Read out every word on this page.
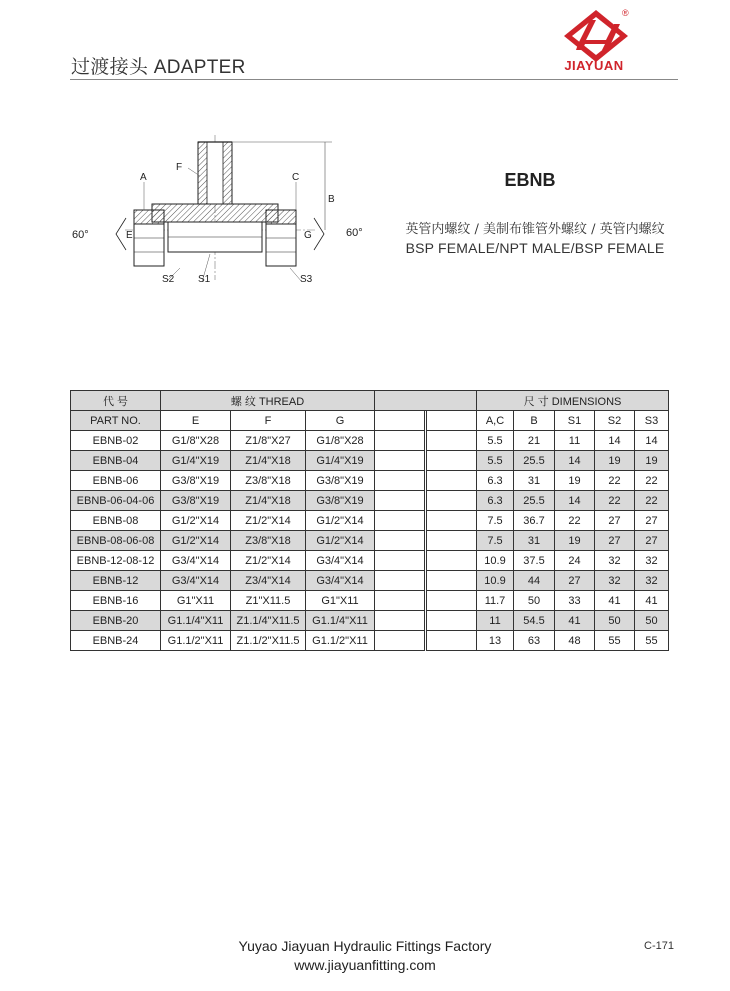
过渡接头 ADAPTER
®
JIAYUAN
F
A	C
B
E	G
60°	60°
S2 S1	S3
EBNB
英管内螺纹 / 美制布锥管外螺纹 / 英管内螺纹
BSP FEMALE/NPT MALE/BSP FEMALE
代 号	螺 纹 THREAD						尺 寸 DIMENSIONS				
PART NO.	E	F	G				A,C	B	S1	S2	S3
EBNB-02	G1/8"X28	Z1/8"X27	G1/8"X28				5.5	21	11	14	14
EBNB-04	G1/4"X19	Z1/4"X18	G1/4"X19				5.5	25.5	14	19	19
EBNB-06	G3/8"X19	Z3/8"X18	G3/8"X19				6.3	31	19	22	22
EBNB-06-04-06	G3/8"X19	Z1/4"X18	G3/8"X19				6.3	25.5	14	22	22
EBNB-08	G1/2"X14	Z1/2"X14	G1/2"X14				7.5	36.7	22	27	27
EBNB-08-06-08	G1/2"X14	Z3/8"X18	G1/2"X14				7.5	31	19	27	27
EBNB-12-08-12	G3/4"X14	Z1/2"X14	G3/4"X14				10.9	37.5	24	32	32
EBNB-12	G3/4"X14	Z3/4"X14	G3/4"X14				10.9	44	27	32	32
EBNB-16	G1"X11	Z1"X11.5	G1"X11				11.7	50	33	41	41
EBNB-20	G1.1/4"X11	Z1.1/4"X11.5	G1.1/4"X11				11	54.5	41	50	50
EBNB-24	G1.1/2"X11	Z1.1/2"X11.5	G1.1/2"X11				13	63	48	55	55
Yuyao Jiayuan Hydraulic Fittings Factory
www.jiayuanfitting.com
C-171
